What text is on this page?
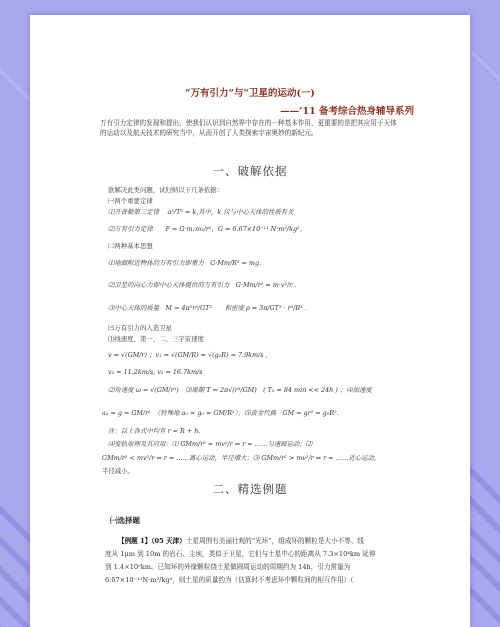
“万有引力”与“卫星的运动(一)
——’11 备考综合热身辅导系列
万有引力定律的发现和提出，使我们认识到自然界中存在的一种基本作用，更重要的是把其应用于天体的运动以及航天技术的研究当中，从而开创了人类探索宇宙奥妙的新纪元。
一、破解依据
欲解决此类问题，试归纳以下几条依据：
㈠两个重要定律
⑴开普勒第三定律　 a³/T² = k,其中，k 仅与中心天体的性质有关
⑵万有引力定律　　F = G·m₁m₂/r²，G = 6.67×10⁻¹¹ N·m²/kg²。
㈡两种基本思想
⑴地面附近物体的万有引力即重力　G·Mm/R² = mg.
⑵卫星的向心力即中心天体提供的万有引力　G·Mm/r² = m·v²/r .
⑶中心天体的质量　M = 4π²r³/GT²　　和密度 ρ = 3π/GT² · r³/R³ .
㈢万有引力的人造卫星
⑴线速度、第一、二、三宇宙速度
v = √(GM/r) ；v₁ = √(GM/R) = √(g₀R) = 7.9km/s ,
v₂ = 11.2km/s, v₃ = 16.7km/s
⑵角速度 ω = √(GM/r³)　⑶周期 T = 2π√(r³/GM)　( T₀ = 84 min << 24h ) ；⑷加速度
aₙ = g = GM/r²　（特殊地 a₀ = g₀ = GM/R²）；⑸黄金代换　GM = gr² = g₀R².
注：以上各式中均有 r = R + h.
⑷变轨原理及其应用：⑴ GMm/r² = mv²/r ⇒ r = ……匀速圆运动；⑵
GMm/r² < mv²/r ⇒ r = ……离心运动，半径增大；⑶ GMm/r² > mv²/r ⇒ r = ……近心运动，
半径减小。
二、精选例题
㈠选择题
【例题 1】（05 天津）土星周围有美丽壮观的“光环”，组成环的颗粒是大小不等、线
度从 1μm 到 10m 的岩石、尘埃，类似于卫星，它们与土星中心的距离从 7.3×10⁴km 延伸
到 1.4×10⁵km。已知环的外缘颗粒绕土星做圆周运动的周期约为 14h，引力常量为
6.67×10⁻¹¹N·m²/kg²，则土星的质量约为（估算时不考虑环中颗粒间的相互作用）（
